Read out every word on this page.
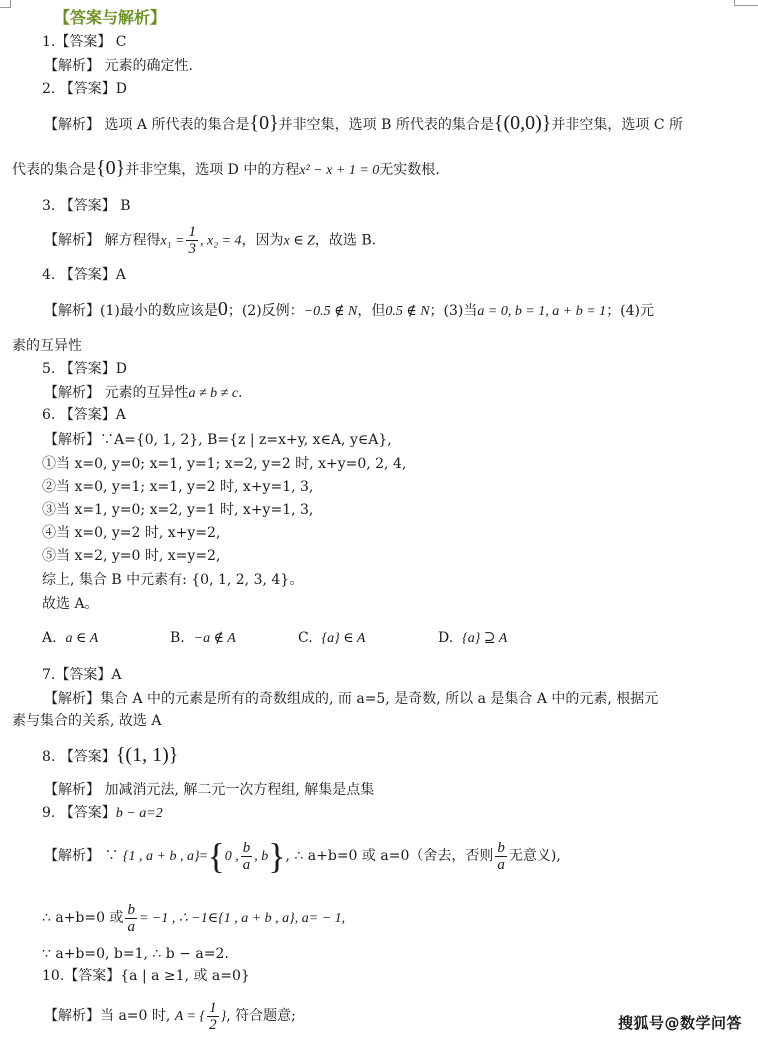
【答案与解析】
1.【答案】 C
【解析】 元素的确定性.
2. 【答案】D
【解析】 选项 A 所代表的集合是{0}并非空集，选项 B 所代表的集合是{(0,0)}并非空集，选项 C 所
代表的集合是{0}并非空集，选项 D 中的方程x² − x + 1 = 0无实数根.
3. 【答案】 B
【解析】 解方程得$x_1 = \frac{1}{3}$ , x₂ = 4，因为x ∈ Z，故选 B.
4. 【答案】A
【解析】(1)最小的数应该是0；(2)反例：−0.5 ∉ N，但0.5 ∉ N；(3)当a = 0, b = 1, a + b = 1；(4)元
素的互异性
5. 【答案】D
【解析】 元素的互异性a ≠ b ≠ c.
6. 【答案】A
【解析】∵A={0, 1, 2}, B={z | z=x+y, x∈A, y∈A},
①当 x=0, y=0; x=1, y=1; x=2, y=2 时, x+y=0, 2, 4,
②当 x=0, y=1; x=1, y=2 时, x+y=1, 3,
③当 x=1, y=0; x=2, y=1 时, x+y=1, 3,
④当 x=0, y=2 时, x+y=2,
⑤当 x=2, y=0 时, x=y=2,
综上, 集合 B 中元素有: {0, 1, 2, 3, 4}。
故选 A。
A. a ∈ A	B. −a ∉ A	C. {a} ∈ A	D. {a} ⊇ A
7.【答案】A
【解析】集合 A 中的元素是所有的奇数组成的, 而 a=5, 是奇数, 所以 a 是集合 A 中的元素, 根据元
素与集合的关系, 故选 A
8. 【答案】{(1, 1)}
【解析】 加减消元法, 解二元一次方程组, 解集是点集
9. 【答案】b − a=2
【解析】 ∵ {1 , a + b , a}={0 , $\frac{b}{a}$ , b}, ∴ a+b=0 或 a=0（舍去，否则 $\frac{b}{a}$ 无意义),
∴ a+b=0 或 $\frac{b}{a} = -1$ , ∴ −1∈{1 , a + b , a}, a= − 1,
∵ a+b=0, b=1, ∴ b − a=2.
10.【答案】{a | a ≥1, 或 a=0}
【解析】当 a=0 时, A = { $\frac{1}{2}$ }, 符合题意;	搜狐号@数学问答
